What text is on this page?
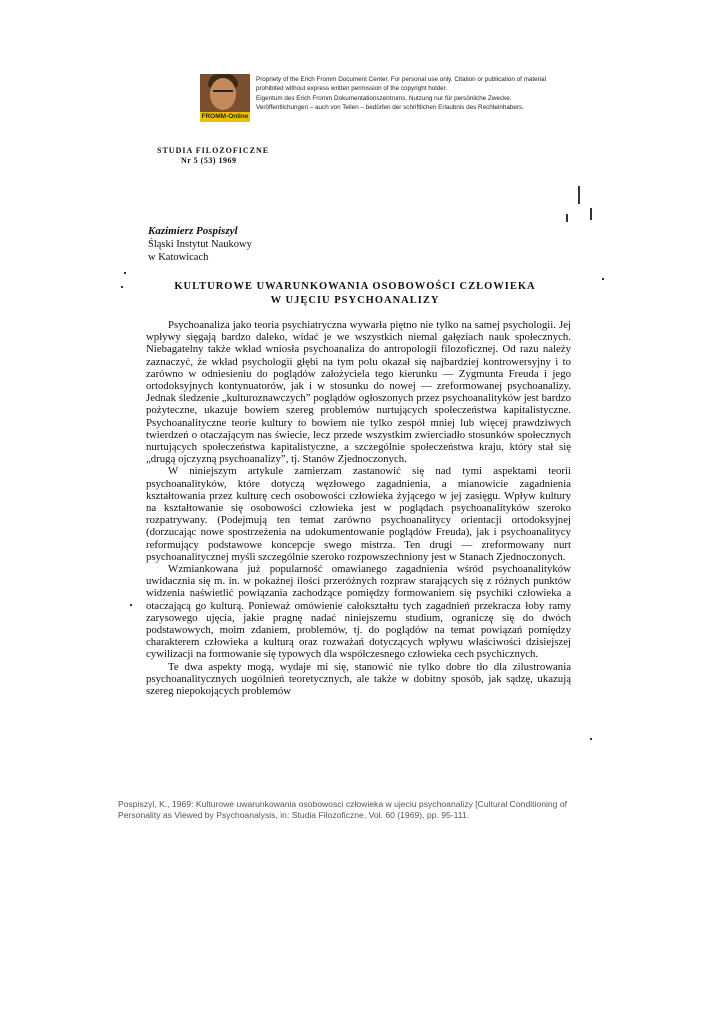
FROMM-Online

Propriety of the Erich Fromm Document Center. For personal use only. Citation or publication of material prohibited without express written permission of the copyright holder.

Eigentum des Erich Fromm Dokumentationszentrums. Nutzung nur für persönliche Zwecke. Veröffentlichungen – auch von Teilen – bedürfen der schriftlichen Erlaubnis des Rechteinhabers.

STUDIA FILOZOFICZNE
Nr 5 (53) 1969
Kazimierz Pospiszyl
Śląski Instytut Naukowy
w Katowicach
KULTUROWE UWARUNKOWANIA OSOBOWOŚCI CZŁOWIEKA
W UJĘCIU PSYCHOANALIZY

Psychoanaliza jako teoria psychiatryczna wywarła piętno nie tylko na samej psychologii. Jej wpływy sięgają bardzo daleko, widać je we wszystkich niemal gałęziach nauk społecznych. Niebagatelny także wkład wniosła psychoanaliza do antropologii filozoficznej. Od razu należy zaznaczyć, że wkład psychologii głębi na tym polu okazał się najbardziej kontrowersyjny i to zarówno w odniesieniu do poglądów założyciela tego kierunku — Zygmunta Freuda i jego ortodoksyjnych kontynuatorów, jak i w stosunku do nowej — zreformowanej psychoanalizy. Jednak śledzenie „kulturoznawczych” poglądów ogłoszonych przez psychoanalityków jest bardzo pożyteczne, ukazuje bowiem szereg problemów nurtujących społeczeństwa kapitalistyczne. Psychoanalityczne teorie kultury to bowiem nie tylko zespół mniej lub więcej prawdziwych twierdzeń o otaczającym nas świecie, lecz przede wszystkim zwierciadło stosunków społecznych nurtujących społeczeństwa kapitalistyczne, a szczególnie społeczeństwa kraju, który stał się „drugą ojczyzną psychoanalizy”, tj. Stanów Zjednoczonych.

W niniejszym artykule zamierzam zastanowić się nad tymi aspektami teorii psychoanalityków, które dotyczą węzłowego zagadnienia, a mianowicie zagadnienia kształtowania przez kulturę cech osobowości człowieka żyjącego w jej zasięgu. Wpływ kultury na kształtowanie się osobowości człowieka jest w poglądach psychoanalityków szeroko rozpatrywany. (Podejmują ten temat zarówno psychoanalitycy orientacji ortodoksyjnej (dorzucając nowe spostrzeżenia na udokumentowanie poglądów Freuda), jak i psychoanalitycy reformujący podstawowe koncepcje swego mistrza. Ten drugi — zreformowany nurt psychoanalitycznej myśli szczególnie szeroko rozpowszechniony jest w Stanach Zjednoczonych.

Wzmiankowana już popularność omawianego zagadnienia wśród psychoanalityków uwidacznia się m. in. w pokaźnej ilości przeróżnych rozpraw starających się z różnych punktów widzenia naświetlić powiązania zachodzące pomiędzy formowaniem się psychiki człowieka a otaczającą go kulturą. Ponieważ omówienie całokształtu tych zagadnień przekracza łoby ramy zarysowego ujęcia, jakie pragnę nadać niniejszemu studium, ograniczę się do dwóch podstawowych, moim zdaniem, problemów, tj. do poglądów na temat powiązań pomiędzy charakterem człowieka a kulturą oraz rozważań dotyczących wpływu właściwości dzisiejszej cywilizacji na formowanie się typowych dla współczesnego człowieka cech psychicznych.

Te dwa aspekty mogą, wydaje mi się, stanowić nie tylko dobre tło dla zilustrowania psychoanalitycznych uogólnień teoretycznych, ale także w dobitny sposób, jak sądzę, ukazują szereg niepokojących problemów

Pospiszyl, K., 1969: Kulturowe uwarunkowania osobowosci człowieka w ujeciu psychoanalizy [Cultural Conditioning of Personality as Viewed by Psychoanalysis, in: Studia Filozoficzne, Vol. 60 (1969), pp. 95-111.
